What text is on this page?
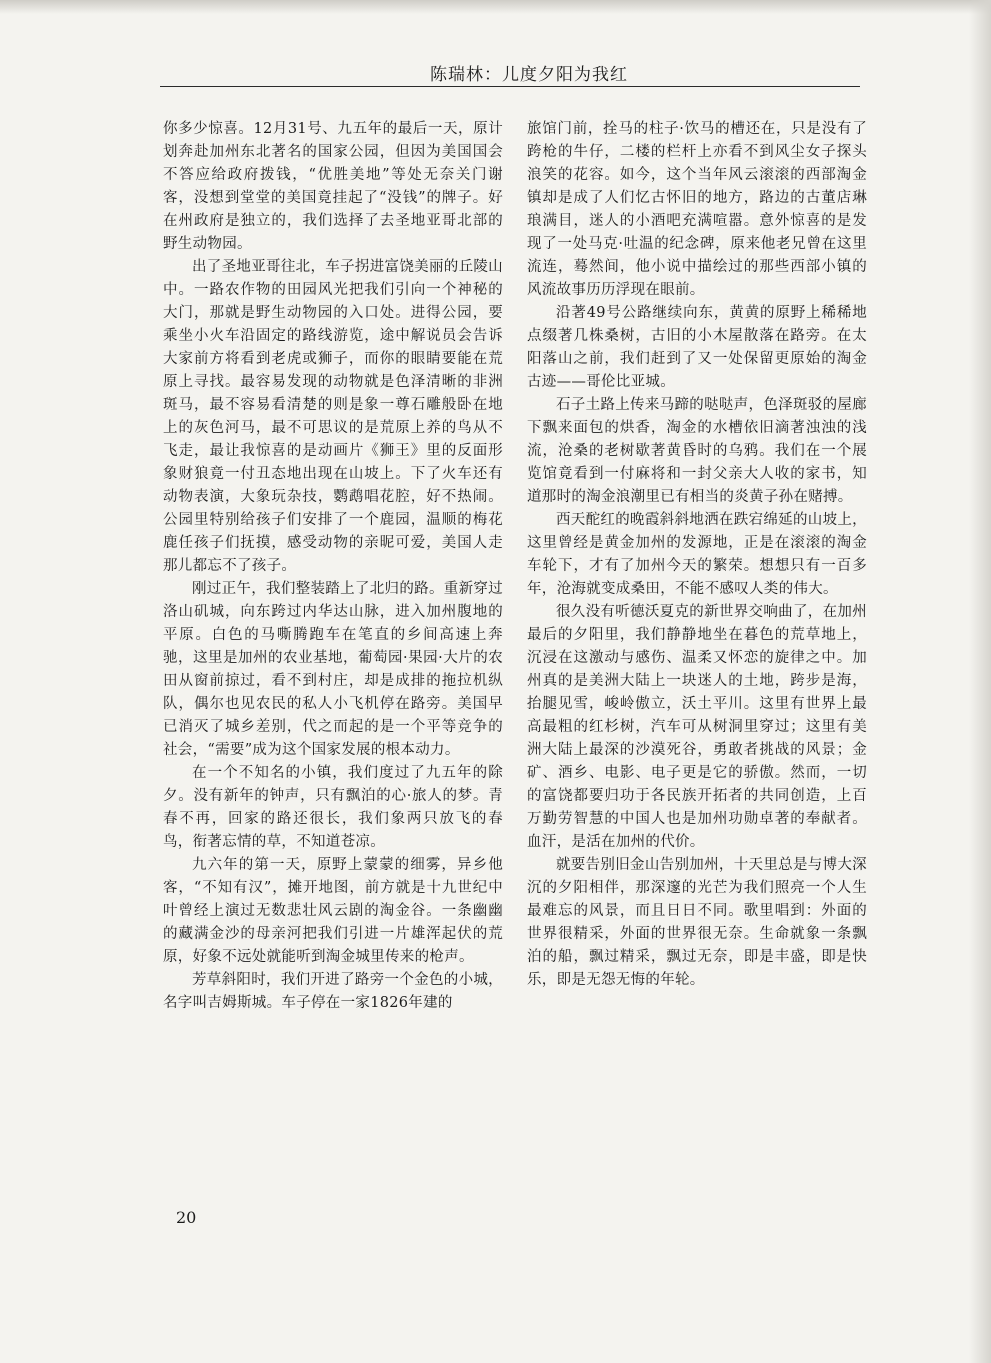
陈瑞林：儿度夕阳为我红

你多少惊喜。12月31号、九五年的最后一天，原计划奔赴加州东北著名的国家公园，但因为美国国会不答应给政府拨钱，“优胜美地”等处无奈关门谢客，没想到堂堂的美国竟挂起了“没钱”的牌子。好在州政府是独立的，我们选择了去圣地亚哥北部的野生动物园。

出了圣地亚哥往北，车子拐进富饶美丽的丘陵山中。一路农作物的田园风光把我们引向一个神秘的大门，那就是野生动物园的入口处。进得公园，要乘坐小火车沿固定的路线游览，途中解说员会告诉大家前方将看到老虎或狮子，而你的眼睛要能在荒原上寻找。最容易发现的动物就是色泽清晰的非洲斑马，最不容易看清楚的则是象一尊石雕般卧在地上的灰色河马，最不可思议的是荒原上养的鸟从不飞走，最让我惊喜的是动画片《狮王》里的反面形象财狼竟一付丑态地出现在山坡上。下了火车还有动物表演，大象玩杂技，鹦鹉唱花腔，好不热闹。公园里特别给孩子们安排了一个鹿园，温顺的梅花鹿任孩子们抚摸，感受动物的亲昵可爱，美国人走那儿都忘不了孩子。

刚过正午，我们整装踏上了北归的路。重新穿过洛山矶城，向东跨过内华达山脉，进入加州腹地的平原。白色的马嘶腾跑车在笔直的乡间高速上奔驰，这里是加州的农业基地，葡萄园·果园·大片的农田从窗前掠过，看不到村庄，却是成排的拖拉机纵队，偶尔也见农民的私人小飞机停在路旁。美国早已消灭了城乡差别，代之而起的是一个平等竞争的社会，“需要”成为这个国家发展的根本动力。

在一个不知名的小镇，我们度过了九五年的除夕。没有新年的钟声，只有飘泊的心·旅人的梦。青春不再，回家的路还很长，我们象两只放飞的春鸟，衔著忘情的草，不知道苍凉。

九六年的第一天，原野上蒙蒙的细雾，异乡他客，“不知有汉”，摊开地图，前方就是十九世纪中叶曾经上演过无数悲壮风云剧的淘金谷。一条幽幽的藏满金沙的母亲河把我们引进一片雄浑起伏的荒原，好象不远处就能听到淘金城里传来的枪声。

芳草斜阳时，我们开进了路旁一个金色的小城，名字叫吉姆斯城。车子停在一家1826年建的

旅馆门前，拴马的柱子·饮马的槽还在，只是没有了跨枪的牛仔，二楼的栏杆上亦看不到风尘女子探头浪笑的花容。如今，这个当年风云滚滚的西部淘金镇却是成了人们忆古怀旧的地方，路边的古董店琳琅满目，迷人的小酒吧充满喧嚣。意外惊喜的是发现了一处马克·吐温的纪念碑，原来他老兄曾在这里流连，蓦然间，他小说中描绘过的那些西部小镇的风流故事历历浮现在眼前。

沿著49号公路继续向东，黄黄的原野上稀稀地点缀著几株桑树，古旧的小木屋散落在路旁。在太阳落山之前，我们赶到了又一处保留更原始的淘金古迹——哥伦比亚城。

石子土路上传来马蹄的哒哒声，色泽斑驳的屋廊下飘来面包的烘香，淘金的水槽依旧滴著浊浊的浅流，沧桑的老树歇著黄昏时的乌鸦。我们在一个展览馆竟看到一付麻将和一封父亲大人收的家书，知道那时的淘金浪潮里已有相当的炎黄子孙在赌搏。

西天酡红的晚霞斜斜地洒在跌宕绵延的山坡上，这里曾经是黄金加州的发源地，正是在滚滚的淘金车轮下，才有了加州今天的繁荣。想想只有一百多年，沧海就变成桑田，不能不感叹人类的伟大。

很久没有听德沃夏克的新世界交响曲了，在加州最后的夕阳里，我们静静地坐在暮色的荒草地上，沉浸在这激动与感伤、温柔又怀恋的旋律之中。加州真的是美洲大陆上一块迷人的土地，跨步是海，抬腿见雪，峻岭傲立，沃土平川。这里有世界上最高最粗的红杉树，汽车可从树洞里穿过；这里有美洲大陆上最深的沙漠死谷，勇敢者挑战的风景；金矿、酒乡、电影、电子更是它的骄傲。然而，一切的富饶都要归功于各民族开拓者的共同创造，上百万勤劳智慧的中国人也是加州功勋卓著的奉献者。血汗，是活在加州的代价。

就要告别旧金山告别加州，十天里总是与博大深沉的夕阳相伴，那深邃的光芒为我们照亮一个人生最难忘的风景，而且日日不同。歌里唱到：外面的世界很精采，外面的世界很无奈。生命就象一条飘泊的船，飘过精采，飘过无奈，即是丰盛，即是快乐，即是无怨无悔的年轮。

20
